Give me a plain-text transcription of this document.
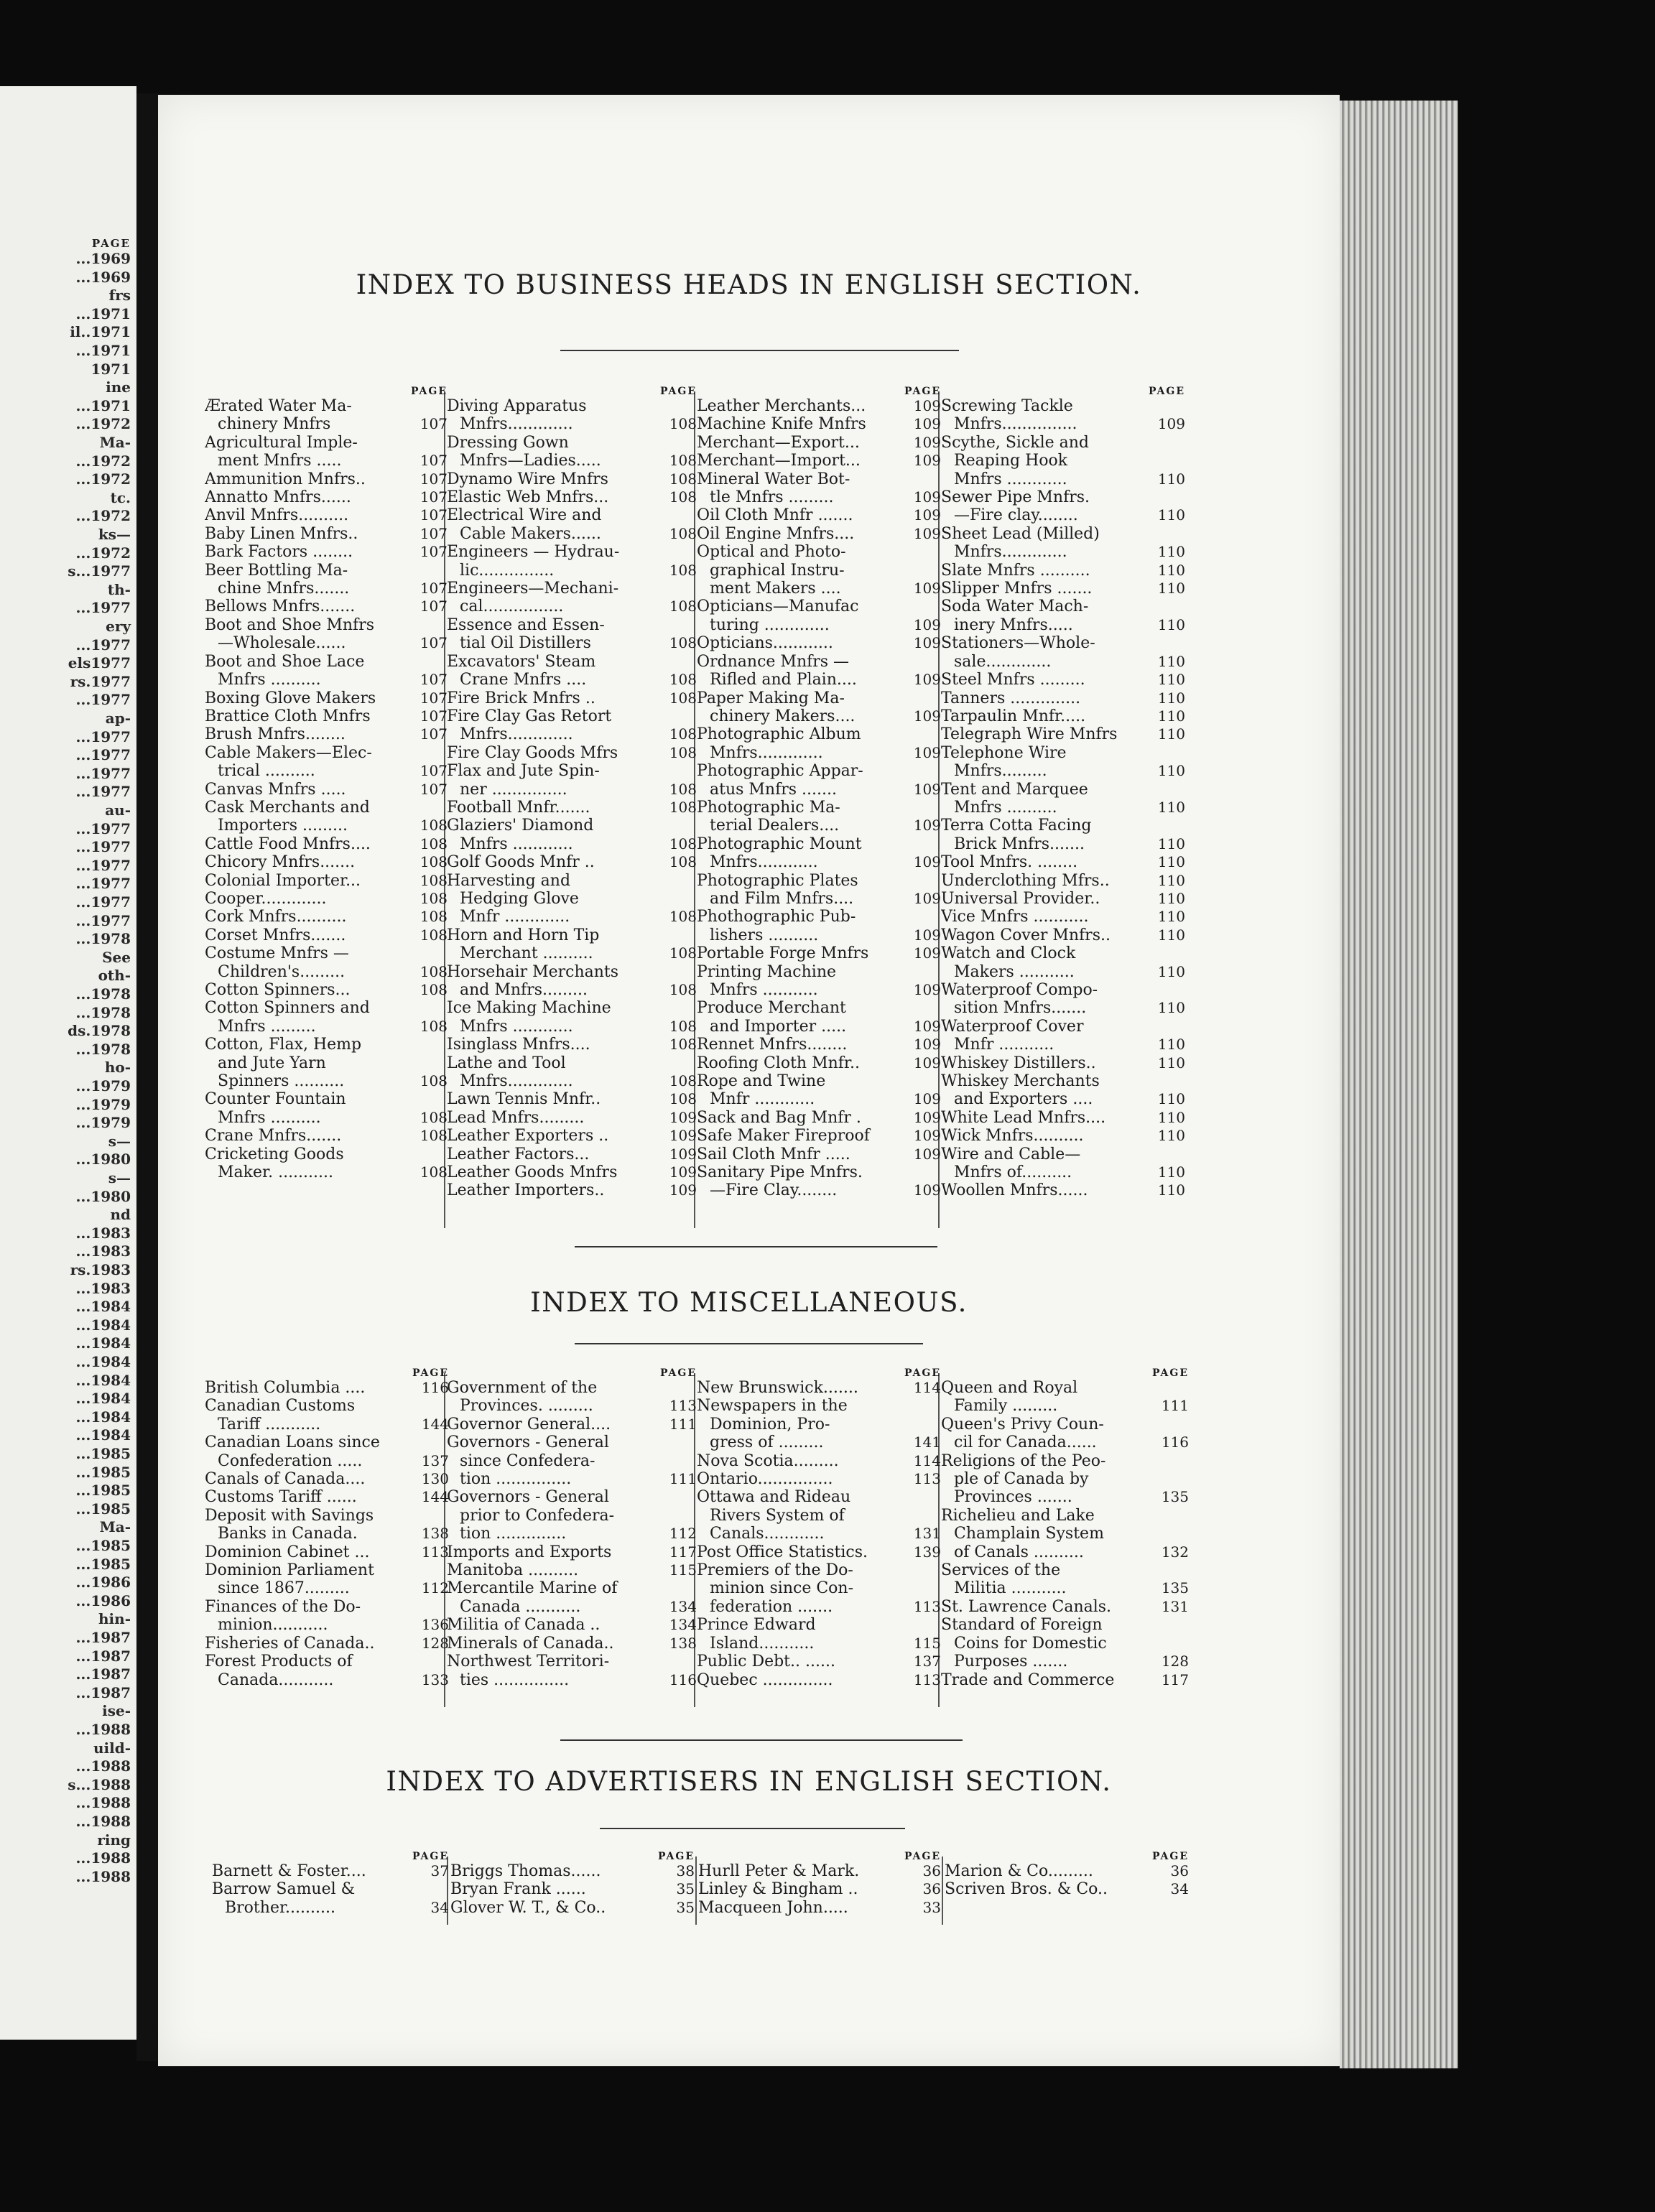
PAGE
...1969
...1969
frs
...1971
il..1971
...1971
1971
ine
...1971
...1972
Ma-
...1972
...1972
tc.
...1972
ks—
...1972
s...1977
th-
...1977
ery
...1977
els1977
rs.1977
...1977
ap-
...1977
...1977
...1977
...1977
au-
...1977
...1977
...1977
...1977
...1977
...1977
...1978
See
oth-
...1978
...1978
ds.1978
...1978
ho-
...1979
...1979
...1979
s—
...1980
s—
...1980
nd
...1983
...1983
rs.1983
...1983
...1984
...1984
...1984
...1984
...1984
...1984
...1984
...1984
...1985
...1985
...1985
...1985
Ma-
...1985
...1985
...1986
...1986
hin-
...1987
...1987
...1987
...1987
ise-
...1988
uild-
...1988
s...1988
...1988
...1988
ring
...1988
...1988
INDEX TO BUSINESS HEADS IN ENGLISH SECTION.
PAGE
Ærated Water Ma-
chinery Mnfrs	107
Agricultural Imple-
ment Mnfrs .....	107
Ammunition Mnfrs..	107
Annatto Mnfrs......	107
Anvil Mnfrs..........	107
Baby Linen Mnfrs..	107
Bark Factors ........	107
Beer Bottling Ma-
chine Mnfrs.......	107
Bellows Mnfrs.......	107
Boot and Shoe Mnfrs
—Wholesale......	107
Boot and Shoe Lace
Mnfrs ..........	107
Boxing Glove Makers	107
Brattice Cloth Mnfrs	107
Brush Mnfrs........	107
Cable Makers—Elec-
trical ..........	107
Canvas Mnfrs .....	107
Cask Merchants and
Importers .........	108
Cattle Food Mnfrs....	108
Chicory Mnfrs.......	108
Colonial Importer...	108
Cooper.............	108
Cork Mnfrs..........	108
Corset Mnfrs.......	108
Costume Mnfrs —
Children's.........	108
Cotton Spinners...	108
Cotton Spinners and
Mnfrs .........	108
Cotton, Flax, Hemp
and Jute Yarn
Spinners ..........	108
Counter Fountain
Mnfrs ..........	108
Crane Mnfrs.......	108
Cricketing Goods
Maker. ...........	108
PAGE
Diving Apparatus
Mnfrs.............	108
Dressing Gown
Mnfrs—Ladies.....	108
Dynamo Wire Mnfrs	108
Elastic Web Mnfrs...	108
Electrical Wire and
Cable Makers......	108
Engineers — Hydrau-
lic...............	108
Engineers—Mechani-
cal................	108
Essence and Essen-
tial Oil Distillers	108
Excavators' Steam
Crane Mnfrs ....	108
Fire Brick Mnfrs ..	108
Fire Clay Gas Retort
Mnfrs.............	108
Fire Clay Goods Mfrs	108
Flax and Jute Spin-
ner ...............	108
Football Mnfr.......	108
Glaziers' Diamond
Mnfrs ............	108
Golf Goods Mnfr ..	108
Harvesting and
Hedging Glove
Mnfr .............	108
Horn and Horn Tip
Merchant ..........	108
Horsehair Merchants
and Mnfrs.........	108
Ice Making Machine
Mnfrs ............	108
Isinglass Mnfrs....	108
Lathe and Tool
Mnfrs.............	108
Lawn Tennis Mnfr..	108
Lead Mnfrs.........	109
Leather Exporters ..	109
Leather Factors...	109
Leather Goods Mnfrs	109
Leather Importers..	109
PAGE
Leather Merchants...	109
Machine Knife Mnfrs	109
Merchant—Export...	109
Merchant—Import...	109
Mineral Water Bot-
tle Mnfrs .........	109
Oil Cloth Mnfr .......	109
Oil Engine Mnfrs....	109
Optical and Photo-
graphical Instru-
ment Makers ....	109
Opticians—Manufac
turing .............	109
Opticians............	109
Ordnance Mnfrs —
Rifled and Plain....	109
Paper Making Ma-
chinery Makers....	109
Photographic Album
Mnfrs.............	109
Photographic Appar-
atus Mnfrs .......	109
Photographic Ma-
terial Dealers....	109
Photographic Mount
Mnfrs............	109
Photographic Plates
and Film Mnfrs....	109
Phothographic Pub-
lishers ..........	109
Portable Forge Mnfrs	109
Printing Machine
Mnfrs ...........	109
Produce Merchant
and Importer .....	109
Rennet Mnfrs........	109
Roofing Cloth Mnfr..	109
Rope and Twine
Mnfr ............	109
Sack and Bag Mnfr .	109
Safe Maker Fireproof	109
Sail Cloth Mnfr .....	109
Sanitary Pipe Mnfrs.
—Fire Clay........	109
PAGE
Screwing Tackle
Mnfrs...............	109
Scythe, Sickle and
Reaping Hook
Mnfrs ............	110
Sewer Pipe Mnfrs.
—Fire clay........	110
Sheet Lead (Milled)
Mnfrs.............	110
Slate Mnfrs ..........	110
Slipper Mnfrs .......	110
Soda Water Mach-
inery Mnfrs.....	110
Stationers—Whole-
sale.............	110
Steel Mnfrs .........	110
Tanners ..............	110
Tarpaulin Mnfr.....	110
Telegraph Wire Mnfrs	110
Telephone Wire
Mnfrs.........	110
Tent and Marquee
Mnfrs ..........	110
Terra Cotta Facing
Brick Mnfrs.......	110
Tool Mnfrs. ........	110
Underclothing Mfrs..	110
Universal Provider..	110
Vice Mnfrs ...........	110
Wagon Cover Mnfrs..	110
Watch and Clock
Makers ...........	110
Waterproof Compo-
sition Mnfrs.......	110
Waterproof Cover
Mnfr ...........	110
Whiskey Distillers..	110
Whiskey Merchants
and Exporters ....	110
White Lead Mnfrs....	110
Wick Mnfrs..........	110
Wire and Cable—
Mnfrs of..........	110
Woollen Mnfrs......	110
INDEX TO MISCELLANEOUS.
PAGE
British Columbia ....	116
Canadian Customs
Tariff ...........	144
Canadian Loans since
Confederation .....	137
Canals of Canada....	130
Customs Tariff ......	144
Deposit with Savings
Banks in Canada.	138
Dominion Cabinet ...	113
Dominion Parliament
since 1867.........	112
Finances of the Do-
minion...........	136
Fisheries of Canada..	128
Forest Products of
Canada...........	133
PAGE
Government of the
Provinces. .........	113
Governor General....	111
Governors - General
since Confedera-
tion ...............	111
Governors - General
prior to Confedera-
tion ..............	112
Imports and Exports	117
Manitoba ..........	115
Mercantile Marine of
Canada ...........	134
Militia of Canada ..	134
Minerals of Canada..	138
Northwest Territori-
ties ...............	116
PAGE
New Brunswick.......	114
Newspapers in the
Dominion, Pro-
gress of .........	141
Nova Scotia.........	114
Ontario...............	113
Ottawa and Rideau
Rivers System of
Canals............	131
Post Office Statistics.	139
Premiers of the Do-
minion since Con-
federation .......	113
Prince Edward
Island...........	115
Public Debt.. ......	137
Quebec ..............	113
PAGE
Queen and Royal
Family .........	111
Queen's Privy Coun-
cil for Canada......	116
Religions of the Peo-
ple of Canada by
Provinces .......	135
Richelieu and Lake
Champlain System
of Canals ..........	132
Services of the
Militia ...........	135
St. Lawrence Canals.	131
Standard of Foreign
Coins for Domestic
Purposes .......	128
Trade and Commerce	117
INDEX TO ADVERTISERS IN ENGLISH SECTION.
PAGE
Barnett & Foster....	37
Barrow Samuel &
Brother..........	34
PAGE
Briggs Thomas......	38
Bryan Frank ......	35
Glover W. T., & Co..	35
PAGE
Hurll Peter & Mark.	36
Linley & Bingham ..	36
Macqueen John.....	33
PAGE
Marion & Co.........	36
Scriven Bros. & Co..	34
